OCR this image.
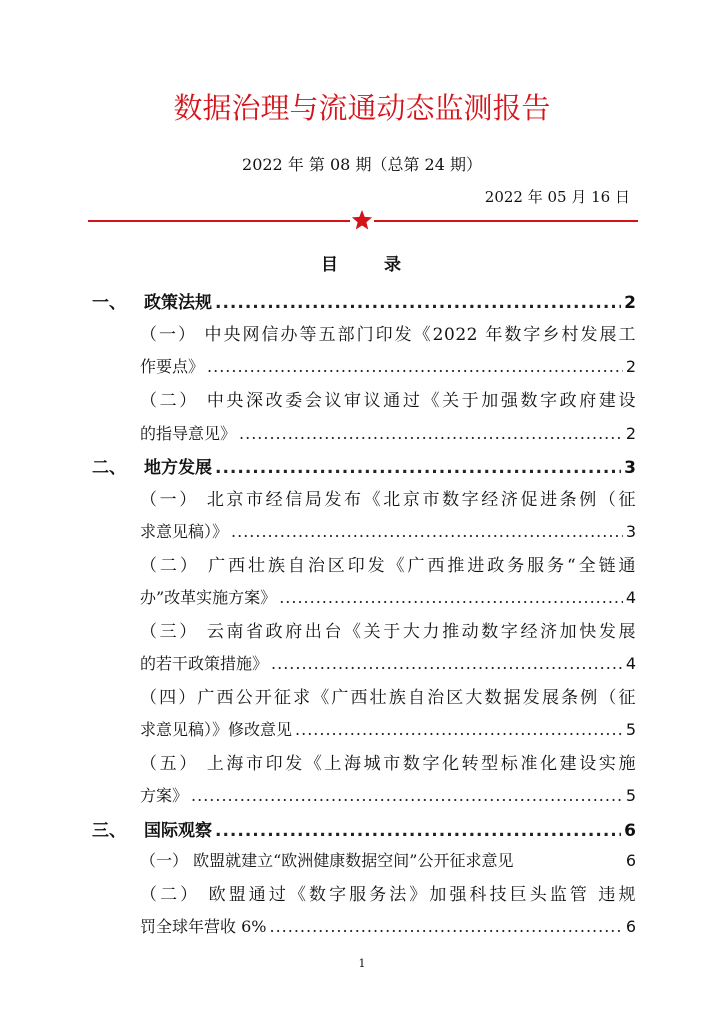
数据治理与流通动态监测报告
2022 年 第 08 期（总第 24 期）
2022 年 05 月 16 日
目 录
一、	政策法规 .....	2
（一） 中央网信办等五部门印发《2022 年数字乡村发展工
作要点》 .....	2
（二） 中央深改委会议审议通过《关于加强数字政府建设
的指导意见》 .....	2
二、	地方发展 .....	3
（一） 北京市经信局发布《北京市数字经济促进条例（征
求意见稿）》 .....	3
（二） 广西壮族自治区印发《广西推进政务服务“全链通
办”改革实施方案》 .....	4
（三） 云南省政府出台《关于大力推动数字经济加快发展
的若干政策措施》 .....	4
（四）广西公开征求《广西壮族自治区大数据发展条例（征
求意见稿）》修改意见 .....	5
（五） 上海市印发《上海城市数字化转型标准化建设实施
方案》 .....	5
三、	国际观察 .....	6
（一） 欧盟就建立“欧洲健康数据空间”公开征求意见	6
（二） 欧盟通过《数字服务法》加强科技巨头监管 违规
罚全球年营收 6% .....	6
1
